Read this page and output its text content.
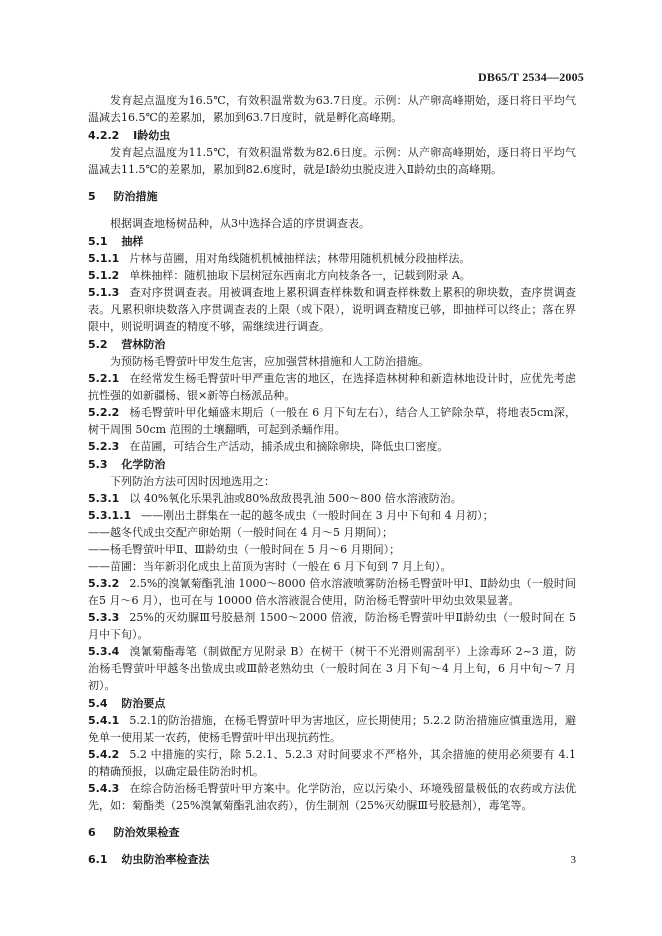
DB65/T 2534—2005

发育起点温度为16.5℃，有效积温常数为63.7日度。示例：从产卵高峰期始，逐日将日平均气温减去16.5℃的差累加，累加到63.7日度时，就是孵化高峰期。

4.2.2 Ⅰ龄幼虫

发育起点温度为11.5℃，有效积温常数为82.6日度。示例：从产卵高峰期始，逐日将日平均气温减去11.5℃的差累加，累加到82.6度时，就是Ⅰ龄幼虫脱皮进入Ⅱ龄幼虫的高峰期。

5 防治措施

根据调查地杨树品种，从3中选择合适的序贯调查表。

5.1 抽样

5.1.1 片林与苗圃，用对角线随机机械抽样法；林带用随机机械分段抽样法。

5.1.2 单株抽样：随机抽取下层树冠东西南北方向枝条各一，记载到附录 A。

5.1.3 查对序贯调查表。用被调查地上累积调查样株数和调查样株数上累积的卵块数，查序贯调查表。凡累积卵块数落入序贯调查表的上限（或下限），说明调查精度已够，即抽样可以终止；落在界限中，则说明调查的精度不够，需继续进行调查。

5.2 营林防治

为预防杨毛臀萤叶甲发生危害，应加强营林措施和人工防治措施。

5.2.1 在经常发生杨毛臀萤叶甲严重危害的地区，在选择造林树种和新造林地设计时，应优先考虑抗性强的如新疆杨、银×新等白杨派品种。

5.2.2 杨毛臀萤叶甲化蛹盛末期后（一般在 6 月下旬左右），结合人工铲除杂草，将地表5cm深，树干周围 50cm 范围的土壤翻晒，可起到杀蛹作用。

5.2.3 在苗圃，可结合生产活动，捕杀成虫和摘除卵块，降低虫口密度。

5.3 化学防治

下列防治方法可因时因地选用之：

5.3.1 以 40%氧化乐果乳油或80%敌敌畏乳油 500～800 倍水溶液防治。

5.3.1.1 ——刚出土群集在一起的越冬成虫（一般时间在 3 月中下旬和 4 月初）；

——越冬代成虫交配产卵始期（一般时间在 4 月～5 月期间）；

——杨毛臀萤叶甲Ⅱ、Ⅲ龄幼虫（一般时间在 5 月～6 月期间）；

——苗圃：当年新羽化成虫上苗顶为害时（一般在 6 月下旬到 7 月上旬）。

5.3.2 2.5%的溴氰菊酯乳油 1000～8000 倍水溶液喷雾防治杨毛臀萤叶甲Ⅰ、Ⅱ龄幼虫（一般时间在5 月～6 月），也可在与 10000 倍水溶液混合使用，防治杨毛臀萤叶甲幼虫效果显著。

5.3.3 25%的灭幼脲Ⅲ号胶悬剂 1500～2000 倍液，防治杨毛臀萤叶甲Ⅱ龄幼虫（一般时间在 5 月中下旬）。

5.3.4 溴氰菊酯毒笔（制做配方见附录 B）在树干（树干不光滑则需刮平）上涂毒环 2~3 道，防治杨毛臀萤叶甲越冬出蛰成虫或Ⅲ龄老熟幼虫（一般时间在 3 月下旬～4 月上旬，6 月中旬～7 月初）。

5.4 防治要点

5.4.1 5.2.1的防治措施，在杨毛臀萤叶甲为害地区，应长期使用；5.2.2 防治措施应慎重选用，避免单一使用某一农药，使杨毛臀萤叶甲出现抗药性。

5.4.2 5.2 中措施的实行，除 5.2.1、5.2.3 对时间要求不严格外，其余措施的使用必须要有 4.1 的精确预报，以确定最佳防治时机。

5.4.3 在综合防治杨毛臀萤叶甲方案中。化学防治，应以污染小、环境残留量极低的农药或方法优先，如：菊酯类（25%溴氰菊酯乳油农药），仿生制剂（25%灭幼脲Ⅲ号胶悬剂），毒笔等。

6 防治效果检查

6.1 幼虫防治率检查法	3
